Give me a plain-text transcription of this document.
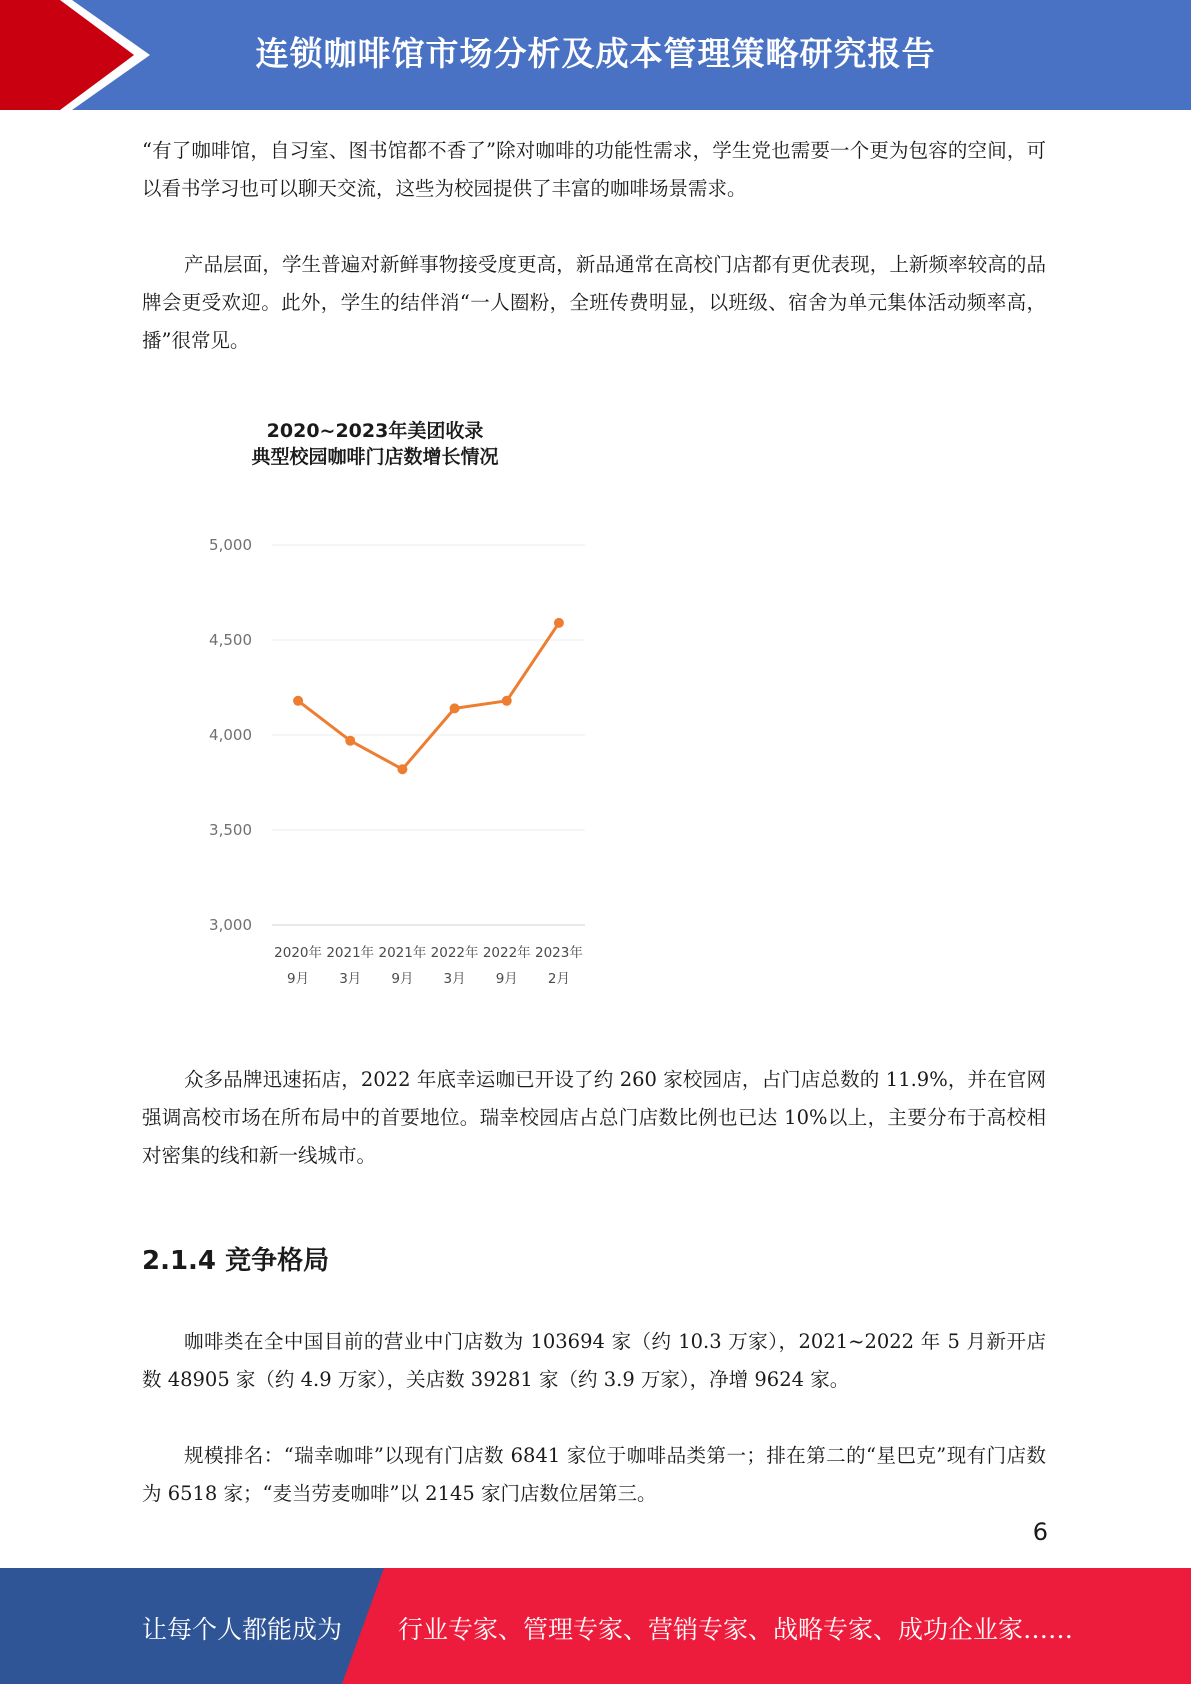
连锁咖啡馆市场分析及成本管理策略研究报告

“有了咖啡馆，自习室、图书馆都不香了”除对咖啡的功能性需求，学生党也需要一个更为包容的空间，可以看书学习也可以聊天交流，这些为校园提供了丰富的咖啡场景需求。

产品层面，学生普遍对新鲜事物接受度更高，新品通常在高校门店都有更优表现，上新频率较高的品牌会更受欢迎。此外，学生的结伴消“一人圈粉，全班传费明显，以班级、宿舍为单元集体活动频率高，播”很常见。

2020~2023年美团收录
典型校园咖啡门店数增长情况
5,000
4,500
4,000
3,500
3,000
2020年
9月
2021年
3月
2021年
9月
2022年
3月
2022年
9月
2023年
2月

众多品牌迅速拓店，2022 年底幸运咖已开设了约 260 家校园店，占门店总数的 11.9%，并在官网强调高校市场在所布局中的首要地位。瑞幸校园店占总门店数比例也已达 10%以上，主要分布于高校相对密集的线和新一线城市。

2.1.4 竞争格局

咖啡类在全中国目前的营业中门店数为 103694 家（约 10.3 万家），2021~2022 年 5 月新开店数 48905 家（约 4.9 万家），关店数 39281 家（约 3.9 万家），净增 9624 家。

规模排名：“瑞幸咖啡”以现有门店数 6841 家位于咖啡品类第一；排在第二的“星巴克”现有门店数为 6518 家；“麦当劳麦咖啡”以 2145 家门店数位居第三。

6
让每个人都能成为 行业专家、管理专家、营销专家、战略专家、成功企业家……
